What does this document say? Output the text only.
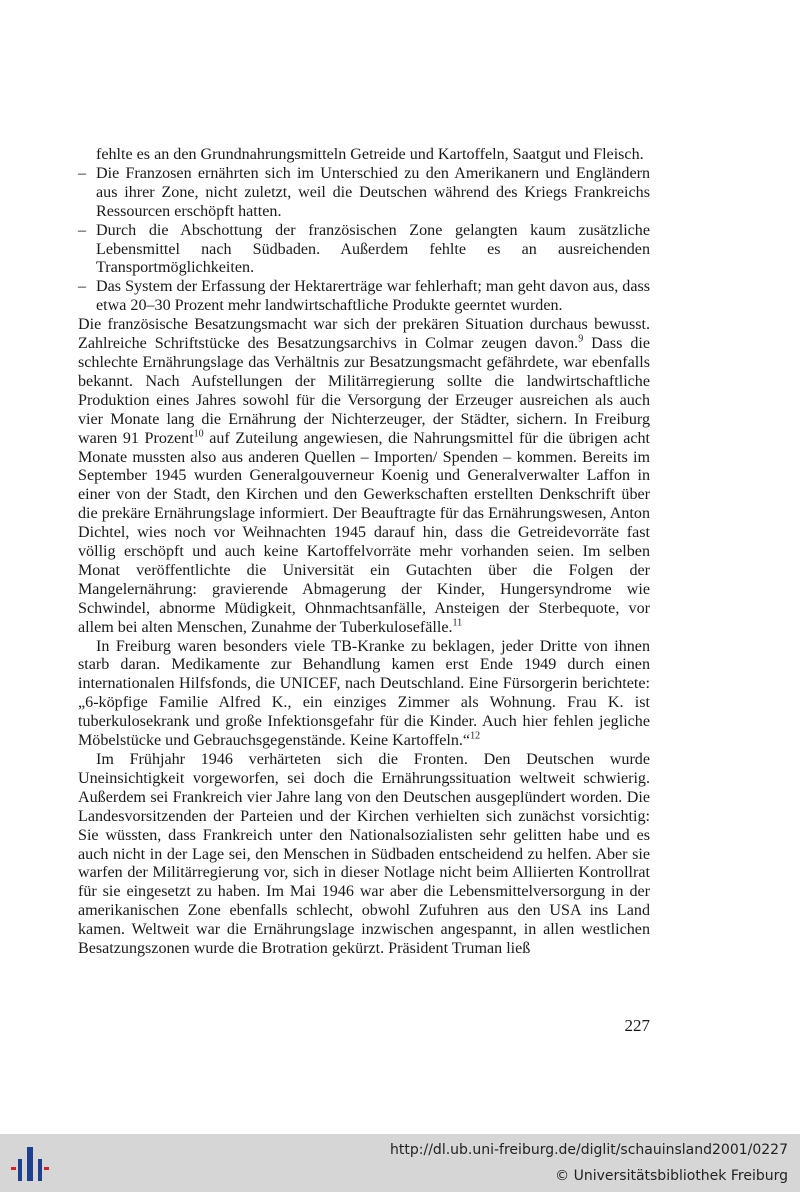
fehlte es an den Grundnahrungsmitteln Getreide und Kartoffeln, Saatgut und Fleisch.

– Die Franzosen ernährten sich im Unterschied zu den Amerikanern und Engländern aus ihrer Zone, nicht zuletzt, weil die Deutschen während des Kriegs Frankreichs Ressourcen erschöpft hatten.
– Durch die Abschottung der französischen Zone gelangten kaum zusätzliche Lebensmittel nach Südbaden. Außerdem fehlte es an ausreichenden Transportmöglichkeiten.
– Das System der Erfassung der Hektarerträge war fehlerhaft; man geht davon aus, dass etwa 20–30 Prozent mehr landwirtschaftliche Produkte geerntet wurden.

Die französische Besatzungsmacht war sich der prekären Situation durchaus bewusst. Zahlreiche Schriftstücke des Besatzungsarchivs in Colmar zeugen davon.$^9$ Dass die schlechte Ernährungslage das Verhältnis zur Besatzungsmacht gefährdete, war ebenfalls bekannt. Nach Aufstellungen der Militärregierung sollte die landwirtschaftliche Produktion eines Jahres sowohl für die Versorgung der Erzeuger ausreichen als auch vier Monate lang die Ernährung der Nichterzeuger, der Städter, sichern. In Freiburg waren 91 Prozent$^{10}$ auf Zuteilung angewiesen, die Nahrungsmittel für die übrigen acht Monate mussten also aus anderen Quellen – Importen/ Spenden – kommen. Bereits im September 1945 wurden Generalgouverneur Koenig und Generalverwalter Laffon in einer von der Stadt, den Kirchen und den Gewerkschaften erstellten Denkschrift über die prekäre Ernährungslage informiert. Der Beauftragte für das Ernährungswesen, Anton Dichtel, wies noch vor Weihnachten 1945 darauf hin, dass die Getreidevorräte fast völlig erschöpft und auch keine Kartoffelvorräte mehr vorhanden seien. Im selben Monat veröffentlichte die Universität ein Gutachten über die Folgen der Mangelernährung: gravierende Abmagerung der Kinder, Hungersyndrome wie Schwindel, abnorme Müdigkeit, Ohnmachtsanfälle, Ansteigen der Sterbequote, vor allem bei alten Menschen, Zunahme der Tuberkulosefälle.$^{11}$

In Freiburg waren besonders viele TB-Kranke zu beklagen, jeder Dritte von ihnen starb daran. Medikamente zur Behandlung kamen erst Ende 1949 durch einen internationalen Hilfsfonds, die UNICEF, nach Deutschland. Eine Fürsorgerin berichtete: „6-köpfige Familie Alfred K., ein einziges Zimmer als Wohnung. Frau K. ist tuberkulosekrank und große Infektionsgefahr für die Kinder. Auch hier fehlen jegliche Möbelstücke und Gebrauchsgegenstände. Keine Kartoffeln.“$^{12}$

Im Frühjahr 1946 verhärteten sich die Fronten. Den Deutschen wurde Uneinsichtigkeit vorgeworfen, sei doch die Ernährungssituation weltweit schwierig. Außerdem sei Frankreich vier Jahre lang von den Deutschen ausgeplündert worden. Die Landesvorsitzenden der Parteien und der Kirchen verhielten sich zunächst vorsichtig: Sie wüssten, dass Frankreich unter den Nationalsozialisten sehr gelitten habe und es auch nicht in der Lage sei, den Menschen in Südbaden entscheidend zu helfen. Aber sie warfen der Militärregierung vor, sich in dieser Notlage nicht beim Alliierten Kontrollrat für sie eingesetzt zu haben. Im Mai 1946 war aber die Lebensmittelversorgung in der amerikanischen Zone ebenfalls schlecht, obwohl Zufuhren aus den USA ins Land kamen. Weltweit war die Ernährungslage inzwischen angespannt, in allen westlichen Besatzungszonen wurde die Brotration gekürzt. Präsident Truman ließ

227
http://dl.ub.uni-freiburg.de/diglit/schauinsland2001/0227
© Universitätsbibliothek Freiburg
